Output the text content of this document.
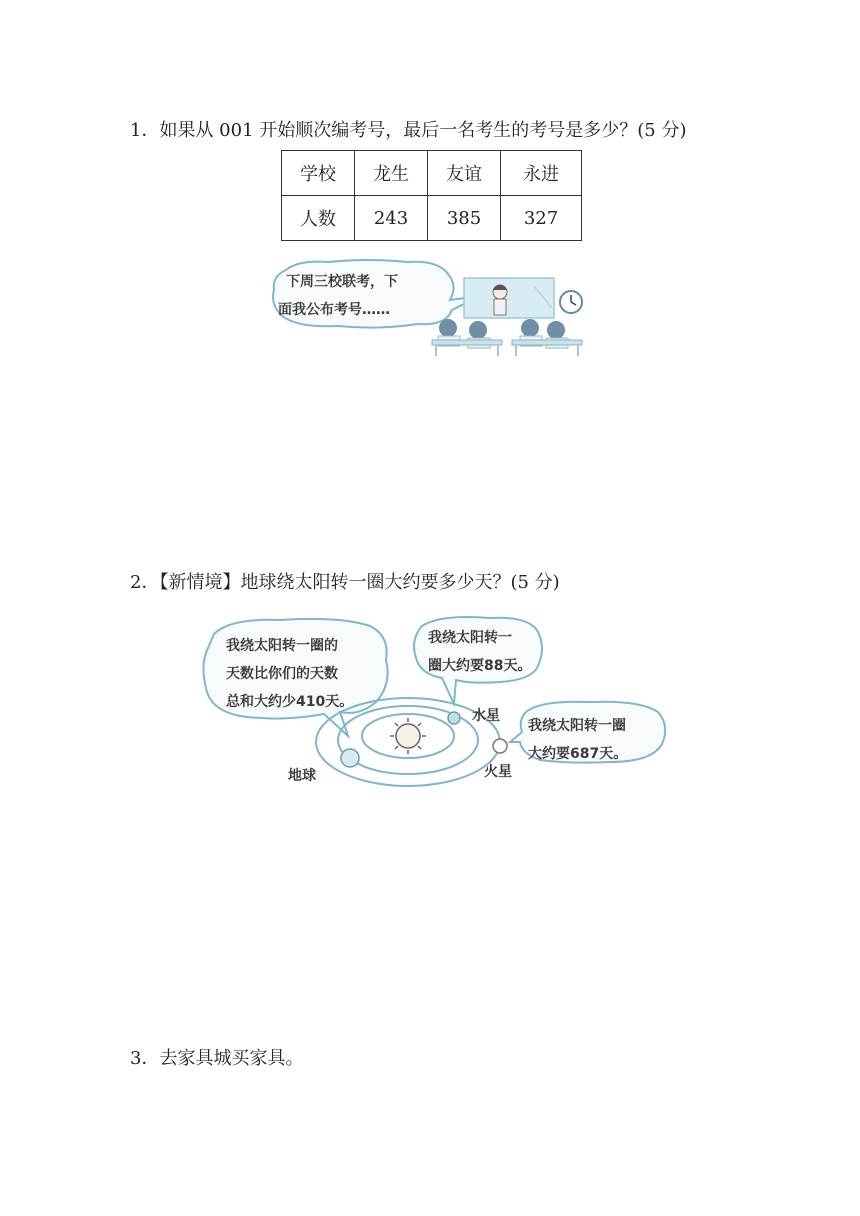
1．如果从 001 开始顺次编考号，最后一名考生的考号是多少？(5 分)
学校	龙生	友谊	永进
人数	243	385	327
下周三校联考，下
面我公布考号……
2．【新情境】地球绕太阳转一圈大约要多少天？(5 分)
我绕太阳转一圈的
天数比你们的天数
总和大约少410天。
我绕太阳转一
圈大约要88天。
我绕太阳转一圈
大约要687天。
地球
水星
火星
3．去家具城买家具。
